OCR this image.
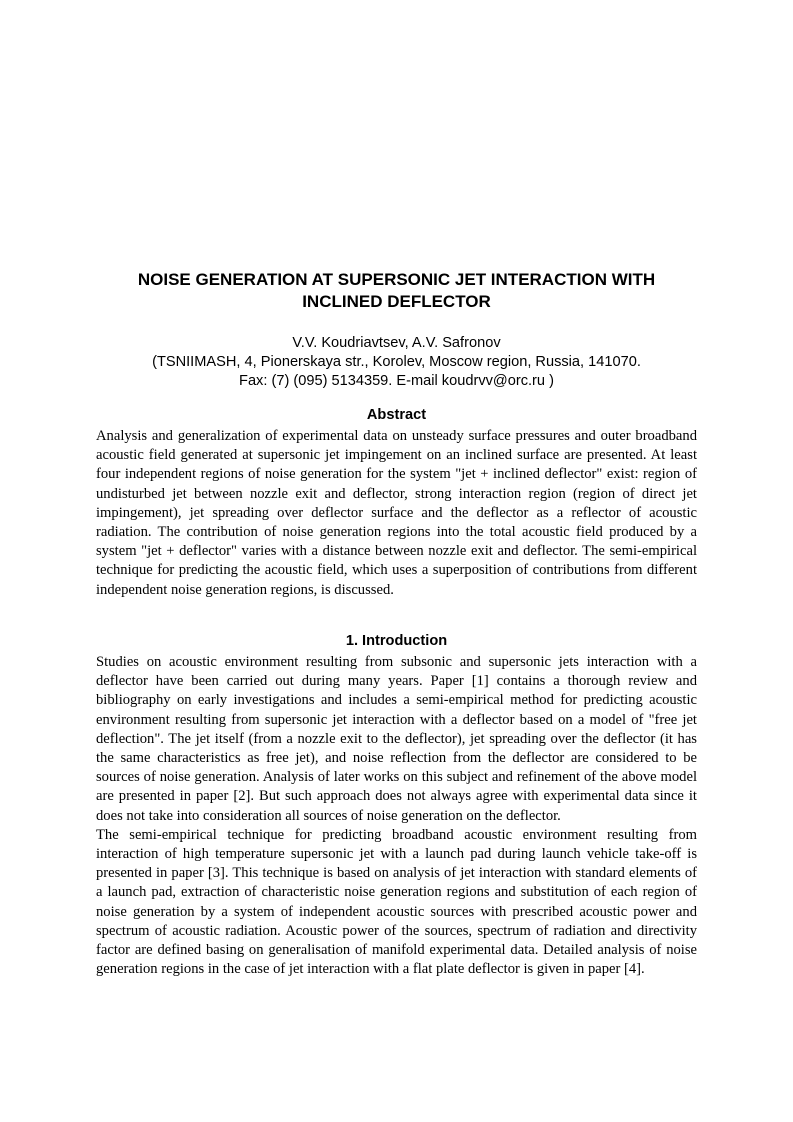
NOISE GENERATION AT SUPERSONIC JET INTERACTION WITH INCLINED DEFLECTOR
V.V. Koudriavtsev, A.V. Safronov
(TSNIIMASH, 4, Pionerskaya str., Korolev, Moscow region, Russia, 141070.
Fax: (7) (095) 5134359. E-mail koudrvv@orc.ru )
Abstract

Analysis and generalization of experimental data on unsteady surface pressures and outer broadband acoustic field generated at supersonic jet impingement on an inclined surface are presented. At least four independent regions of noise generation for the system "jet + inclined deflector" exist: region of undisturbed jet between nozzle exit and deflector, strong interaction region (region of direct jet impingement), jet spreading over deflector surface and the deflector as a reflector of acoustic radiation. The contribution of noise generation regions into the total acoustic field produced by a system "jet + deflector" varies with a distance between nozzle exit and deflector. The semi-empirical technique for predicting the acoustic field, which uses a superposition of contributions from different independent noise generation regions, is discussed.

1. Introduction

Studies on acoustic environment resulting from subsonic and supersonic jets interaction with a deflector have been carried out during many years. Paper [1] contains a thorough review and bibliography on early investigations and includes a semi-empirical method for predicting acoustic environment resulting from supersonic jet interaction with a deflector based on a model of "free jet deflection". The jet itself (from a nozzle exit to the deflector), jet spreading over the deflector (it has the same characteristics as free jet), and noise reflection from the deflector are considered to be sources of noise generation. Analysis of later works on this subject and refinement of the above model are presented in paper [2]. But such approach does not always agree with experimental data since it does not take into consideration all sources of noise generation on the deflector.

The semi-empirical technique for predicting broadband acoustic environment resulting from interaction of high temperature supersonic jet with a launch pad during launch vehicle take-off is presented in paper [3]. This technique is based on analysis of jet interaction with standard elements of a launch pad, extraction of characteristic noise generation regions and substitution of each region of noise generation by a system of independent acoustic sources with prescribed acoustic power and spectrum of acoustic radiation. Acoustic power of the sources, spectrum of radiation and directivity factor are defined basing on generalisation of manifold experimental data. Detailed analysis of noise generation regions in the case of jet interaction with a flat plate deflector is given in paper [4].
